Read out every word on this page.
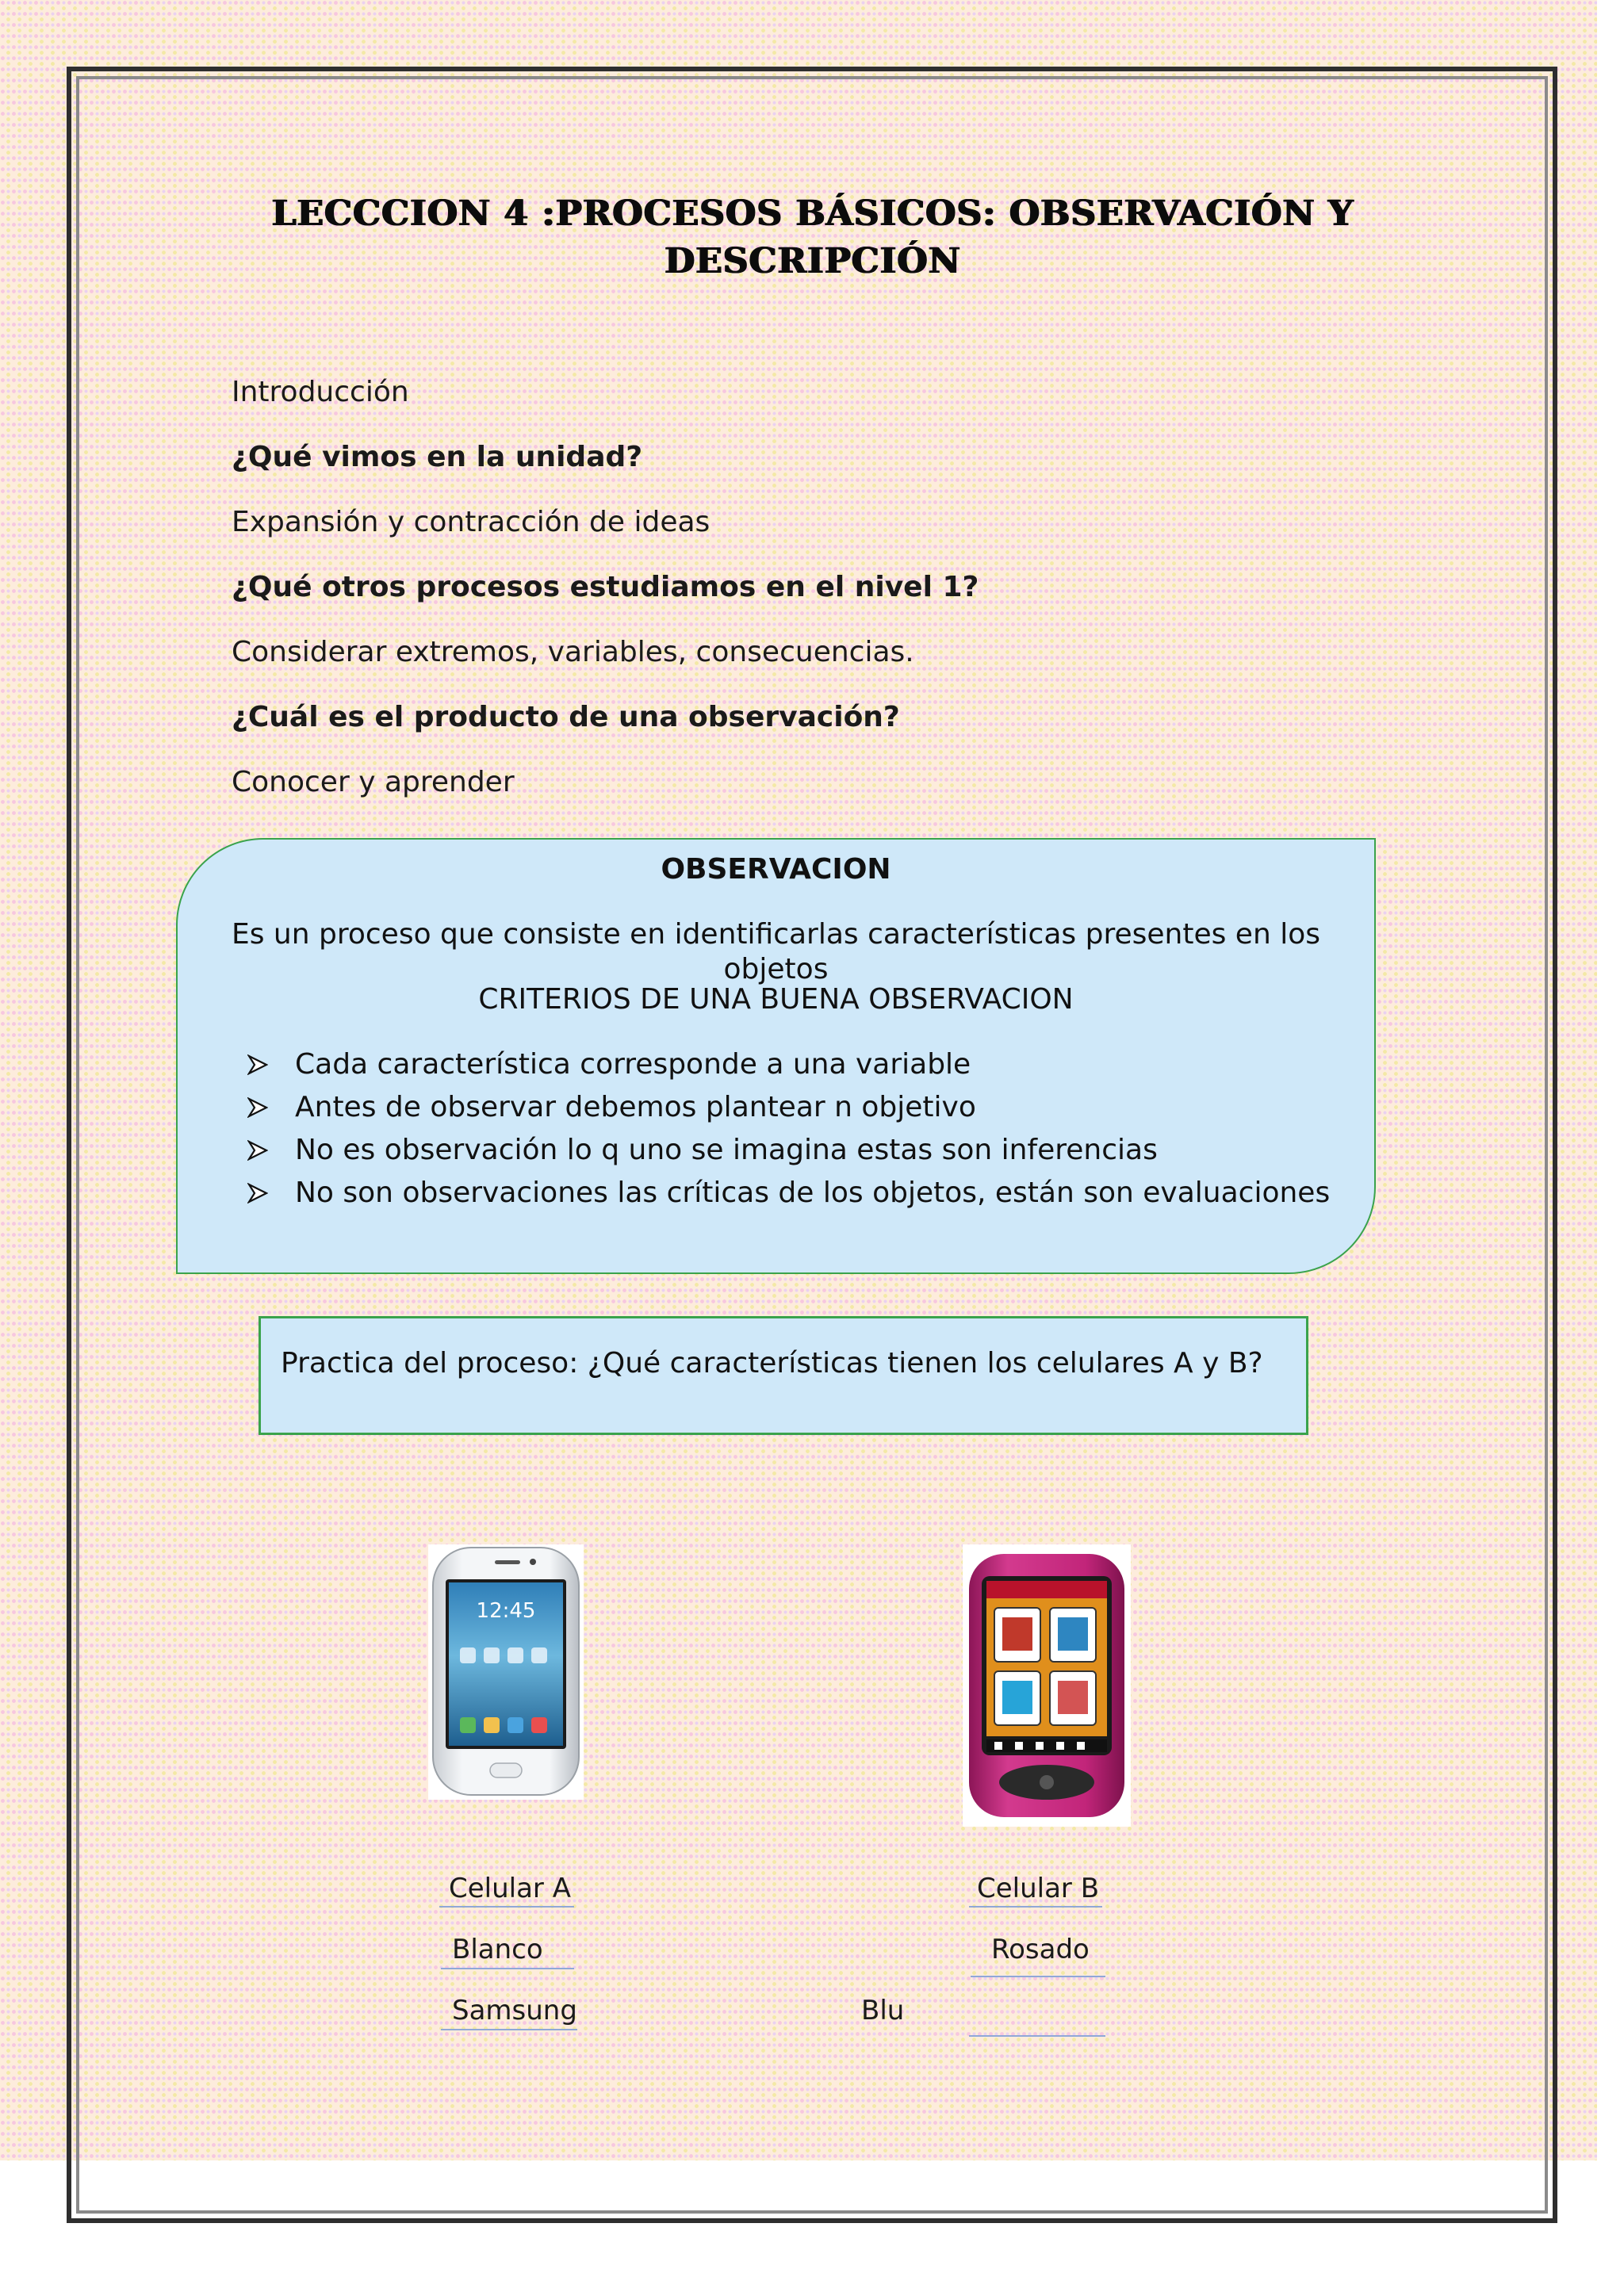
LECCCION 4 :PROCESOS BÁSICOS: OBSERVACIÓN Y
DESCRIPCIÓN
Introducción
¿Qué vimos en la unidad?
Expansión y contracción de ideas
¿Qué otros procesos estudiamos en el nivel 1?
Considerar extremos, variables, consecuencias.
¿Cuál es el producto de una observación?
Conocer y aprender
OBSERVACION
Es un proceso que consiste en identificarlas características presentes en los objetos
CRITERIOS DE UNA BUENA OBSERVACION
Cada característica corresponde a una variable
Antes de observar debemos plantear n objetivo
No es observación lo q uno se imagina estas son inferencias
No son observaciones las críticas de los objetos, están son evaluaciones
Practica del proceso: ¿Qué características tienen los celulares A y B?
12:45
Celular A
Blanco
Samsung
Celular B
Rosado
Blu
